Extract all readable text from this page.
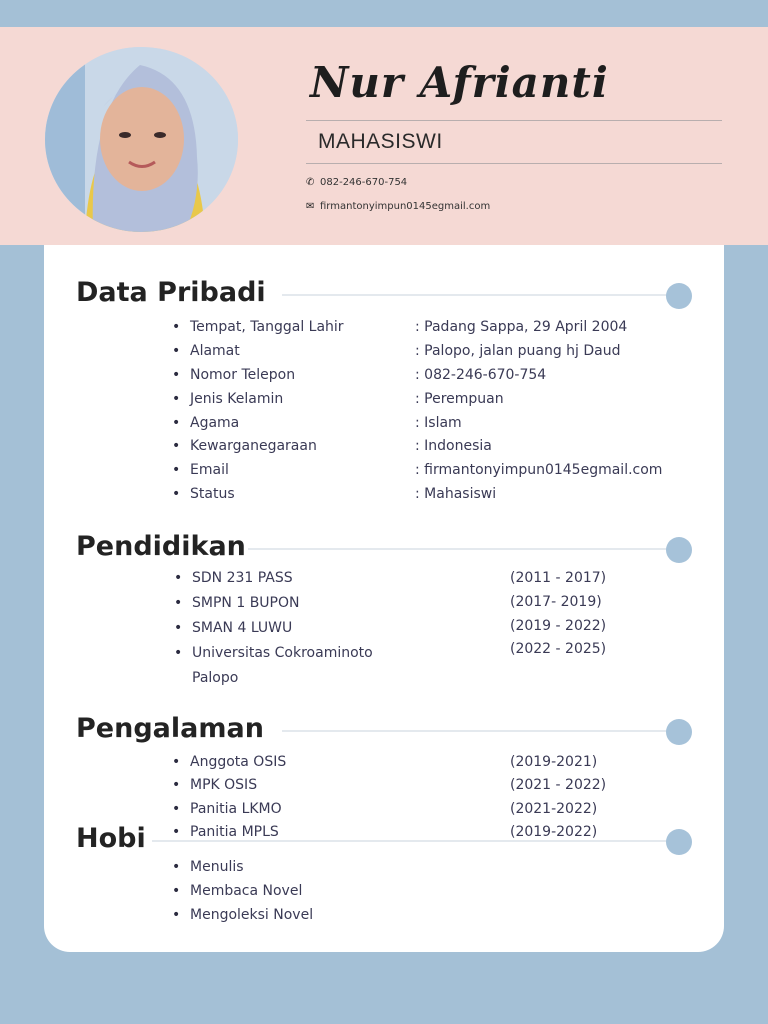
Nur Afrianti
MAHASISWI
✆ 082-246-670-754
✉ firmantonyimpun0145egmail.com
Data Pribadi
• Tempat, Tanggal Lahir
• Alamat
• Nomor Telepon
• Jenis Kelamin
• Agama
• Kewarganegaraan
• Email
• Status
: Padang Sappa, 29 April 2004
: Palopo, jalan puang hj Daud
: 082-246-670-754
: Perempuan
: Islam
: Indonesia
: firmantonyimpun0145egmail.com
: Mahasiswi
Pendidikan
• SDN 231 PASS
• SMPN 1 BUPON
• SMAN 4 LUWU
• Universitas Cokroaminoto
Palopo
(2011 - 2017)
(2017- 2019)
(2019 - 2022)
(2022 - 2025)
Pengalaman
• Anggota OSIS
• MPK OSIS
• Panitia LKMO
• Panitia MPLS
(2019-2021)
(2021 - 2022)
(2021-2022)
(2019-2022)
Hobi
• Menulis
• Membaca Novel
• Mengoleksi Novel
